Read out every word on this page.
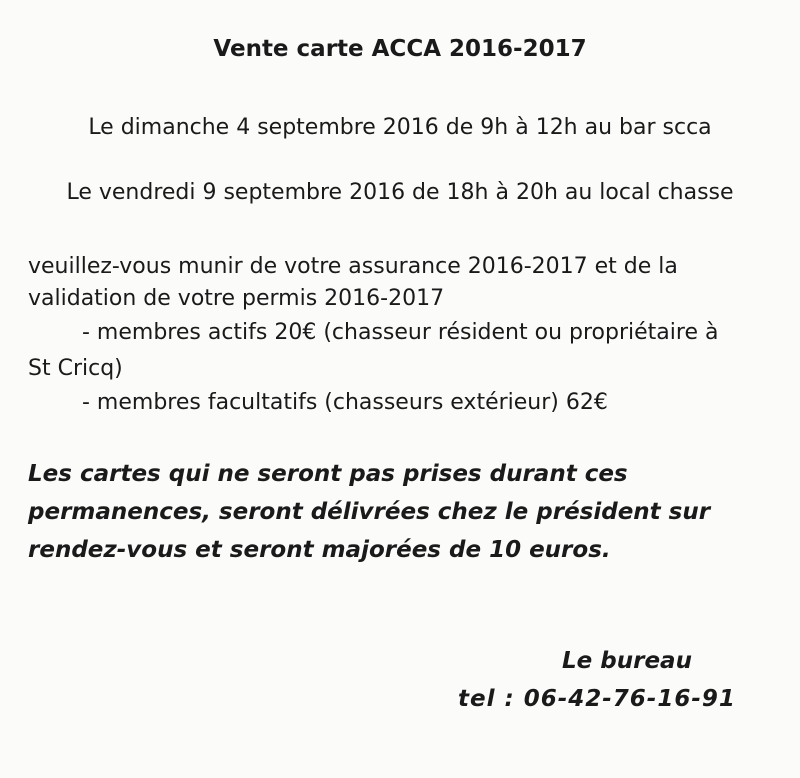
Vente carte ACCA 2016-2017
Le dimanche 4 septembre 2016 de 9h à 12h au bar scca
Le vendredi 9 septembre 2016 de 18h à 20h au local chasse
veuillez-vous munir de votre assurance 2016-2017 et de la
validation de votre permis 2016-2017
- membres actifs 20€ (chasseur résident ou propriétaire à
St Cricq)
- membres facultatifs (chasseurs extérieur) 62€
Les cartes qui ne seront pas prises durant ces
permanences, seront délivrées chez le président sur
rendez-vous et seront majorées de 10 euros.
Le bureau
tel : 06-42-76-16-91
